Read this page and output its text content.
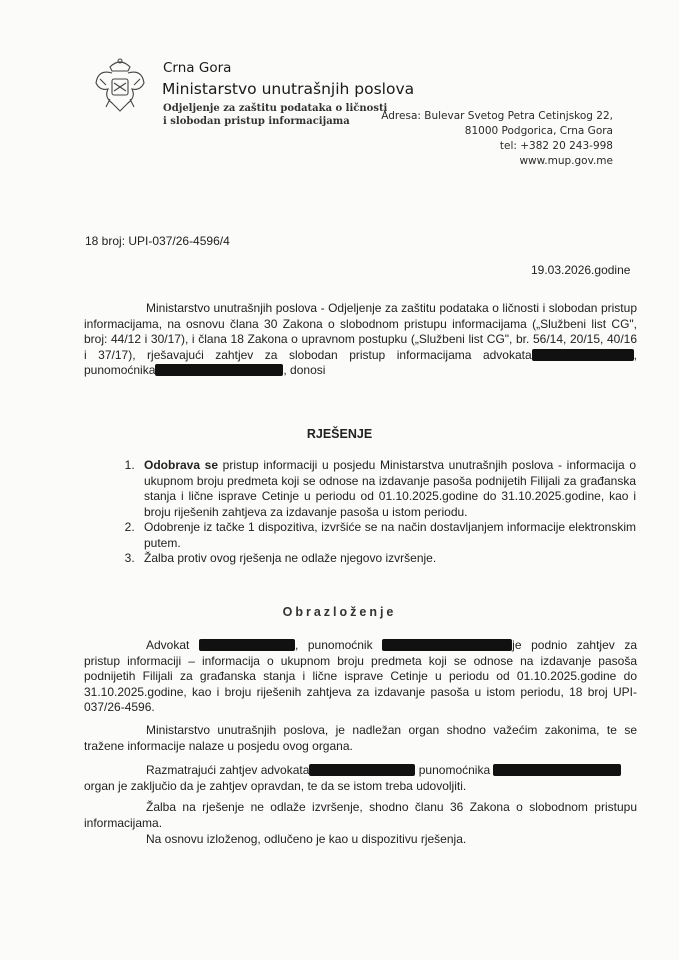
Crna Gora
Ministarstvo unutrašnjih poslova
Odjeljenje za zaštitu podataka o ličnosti
i slobodan pristup informacijama	Adresa: Bulevar Svetog Petra Cetinjskog 22,
81000 Podgorica, Crna Gora
tel: +382 20 243-998
www.mup.gov.me
18 broj: UPI-037/26-4596/4
19.03.2026.godine
Ministarstvo unutrašnjih poslova - Odjeljenje za zaštitu podataka o ličnosti i slobodan pristup informacijama, na osnovu člana 30 Zakona o slobodnom pristupu informacijama („Službeni list CG", broj: 44/12 i 30/17), i člana 18 Zakona o upravnom postupku („Službeni list CG", br. 56/14, 20/15, 40/16 i 37/17), rješavajući zahtjev za slobodan pristup informacijama advokata	, punomoćnika	, donosi
RJEŠENJE
1. Odobrava se pristup informaciji u posjedu Ministarstva unutrašnjih poslova - informacija o ukupnom broju predmeta koji se odnose na izdavanje pasoša podnijetih Filijali za građanska stanja i lične isprave Cetinje u periodu od 01.10.2025.godine do 31.10.2025.godine, kao i broju riješenih zahtjeva za izdavanje pasoša u istom periodu.
2. Odobrenje iz tačke 1 dispozitiva, izvršiće se na način dostavljanjem informacije elektronskim putem.
3. Žalba protiv ovog rješenja ne odlaže njegovo izvršenje.
Obrazloženje
Advokat	, punomoćnik	je podnio zahtjev za pristup informaciji – informacija o ukupnom broju predmeta koji se odnose na izdavanje pasoša podnijetih Filijali za građanska stanja i lične isprave Cetinje u periodu od 01.10.2025.godine do 31.10.2025.godine, kao i broju riješenih zahtjeva za izdavanje pasoša u istom periodu, 18 broj UPI-037/26-4596.
Ministarstvo unutrašnjih poslova, je nadležan organ shodno važećim zakonima, te se tražene informacije nalaze u posjedu ovog organa.
Razmatrajući zahtjev advokata	punomoćnika
organ je zaključio da je zahtjev opravdan, te da se istom treba udovoljiti.
Žalba na rješenje ne odlaže izvršenje, shodno članu 36 Zakona o slobodnom pristupu informacijama.
Na osnovu izloženog, odlučeno je kao u dispozitivu rješenja.
